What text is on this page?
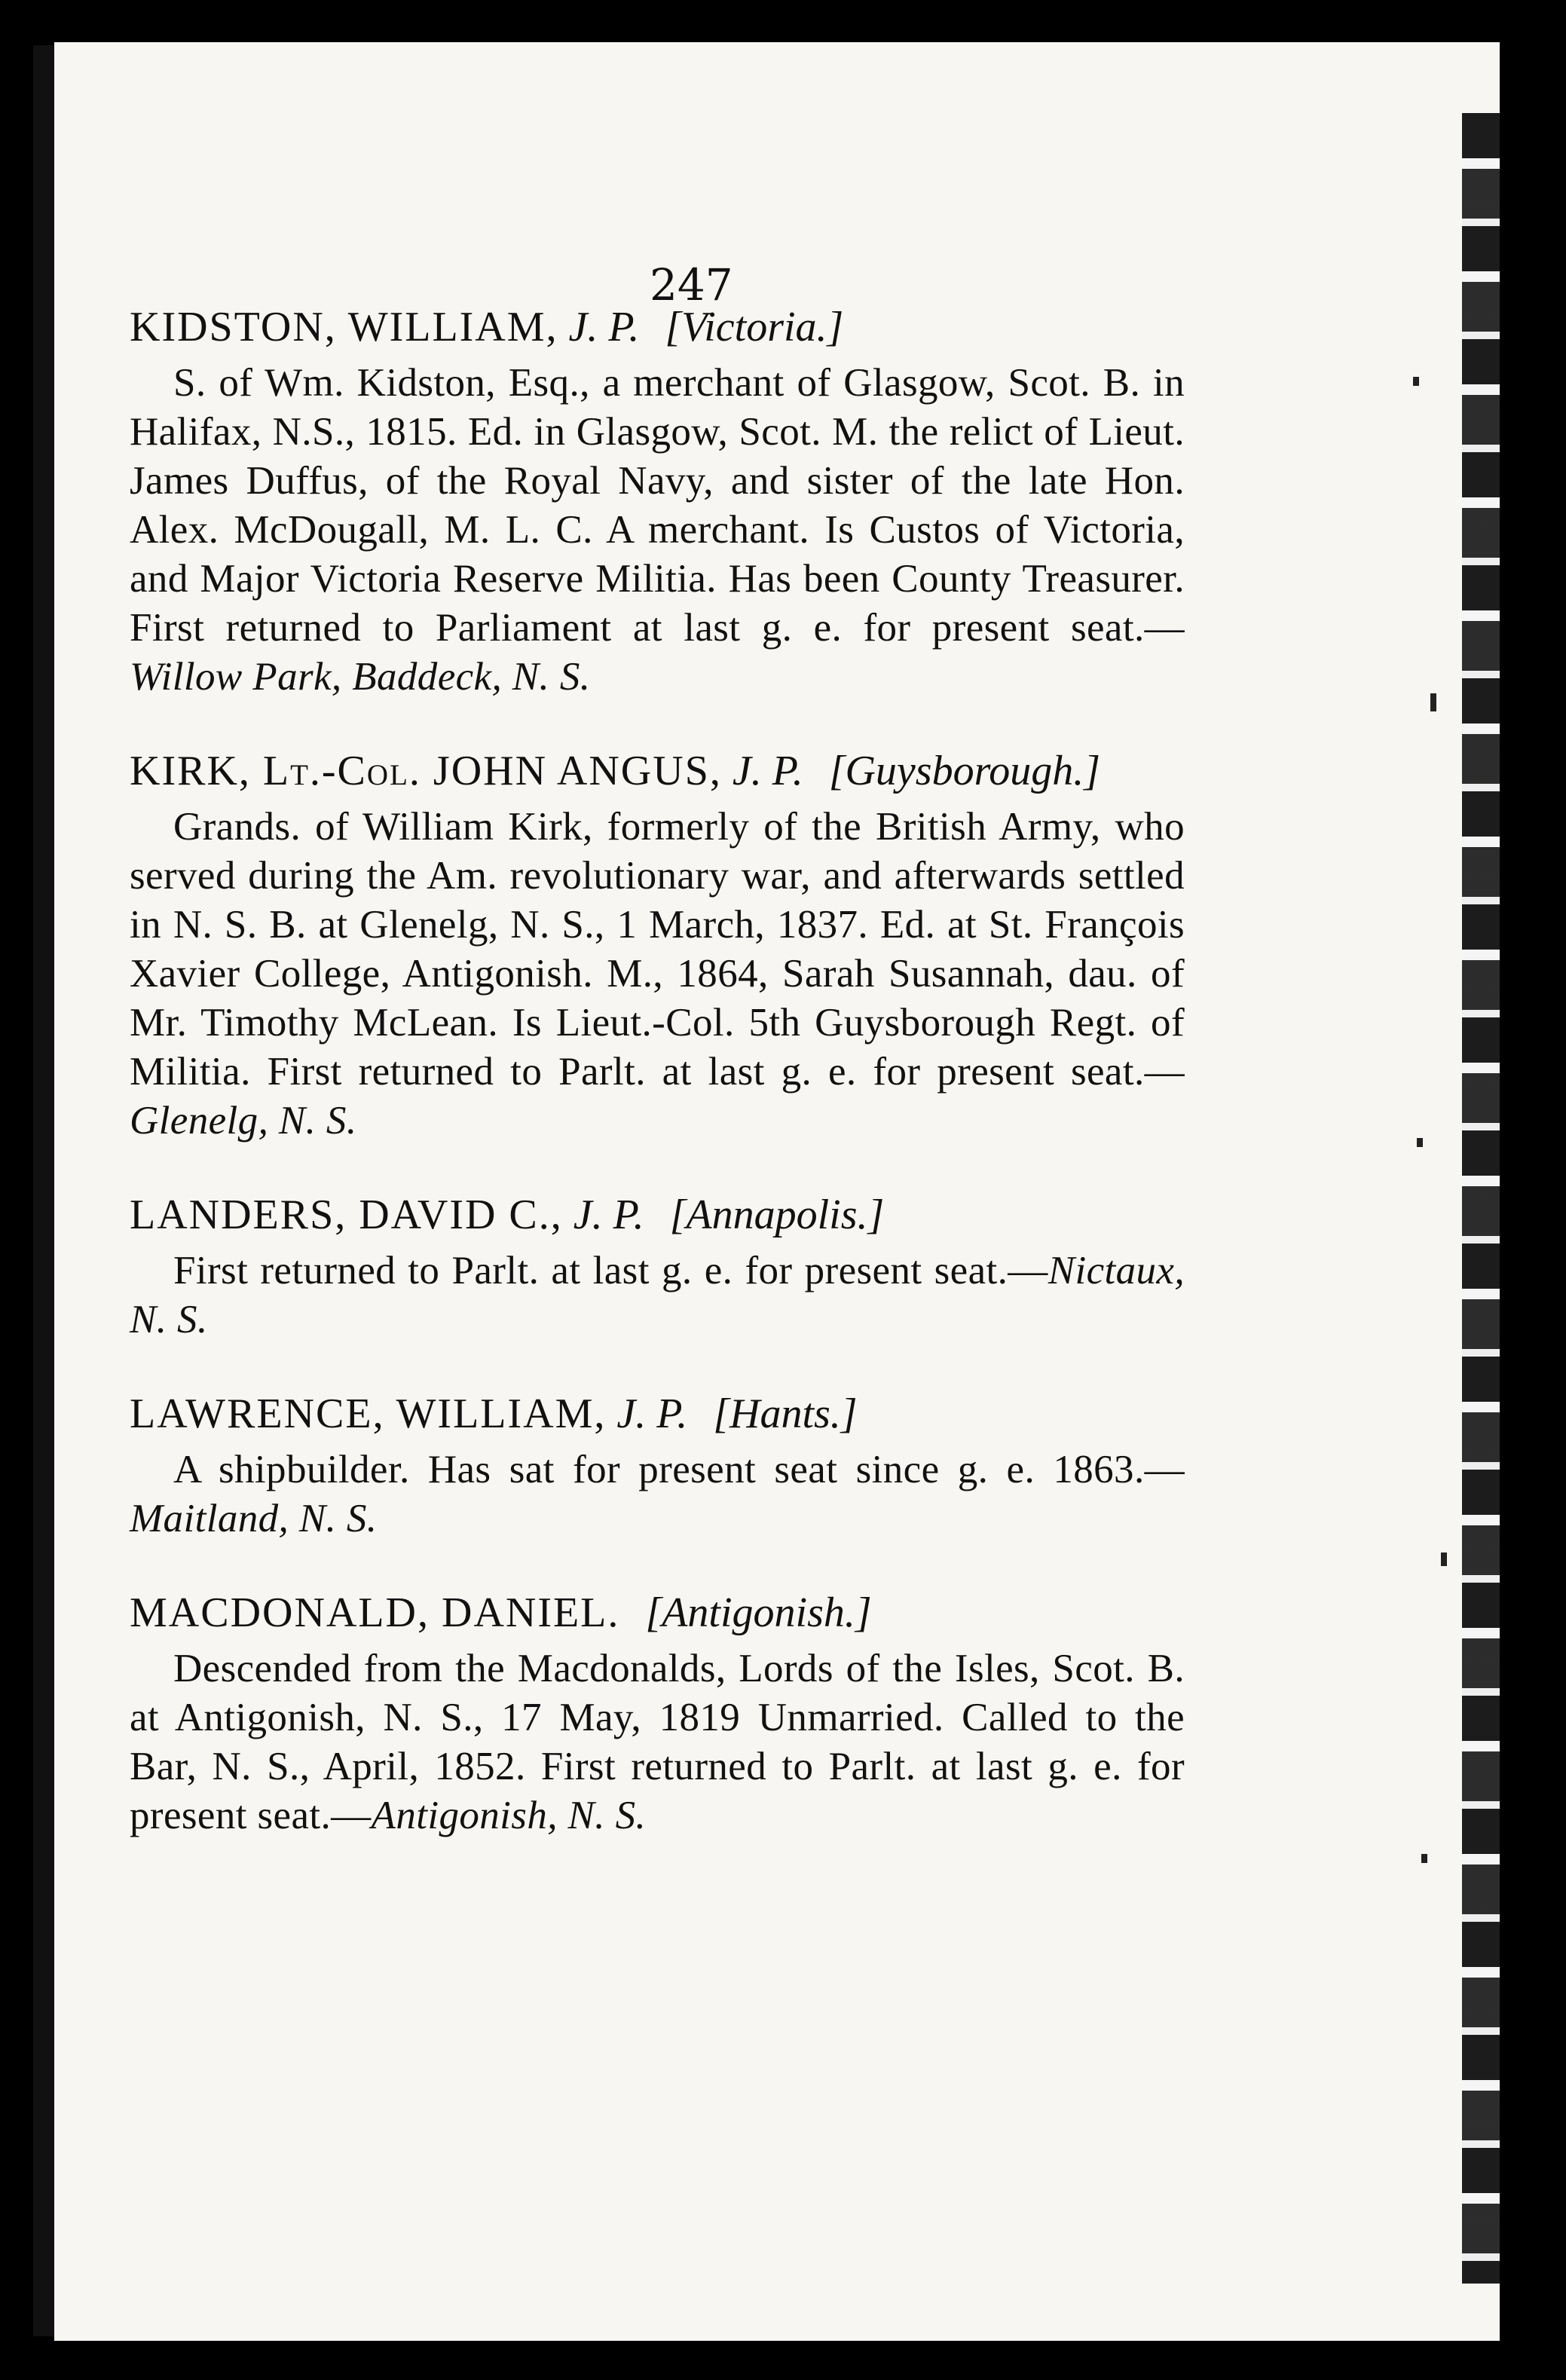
247
KIDSTON, WILLIAM, J. P. [Victoria.]
S. of Wm. Kidston, Esq., a merchant of Glasgow, Scot. B. in Halifax, N.S., 1815. Ed. in Glasgow, Scot. M. the relict of Lieut. James Duffus, of the Royal Navy, and sister of the late Hon. Alex. McDougall, M. L. C. A merchant. Is Custos of Victoria, and Major Victoria Reserve Militia. Has been County Treasurer. First returned to Parliament at last g. e. for present seat.—Willow Park, Baddeck, N. S.
KIRK, Lt.-Col. JOHN ANGUS, J. P. [Guysborough.]
Grands. of William Kirk, formerly of the British Army, who served during the Am. revolutionary war, and afterwards settled in N. S. B. at Glenelg, N. S., 1 March, 1837. Ed. at St. François Xavier College, Antigonish. M., 1864, Sarah Susannah, dau. of Mr. Timothy McLean. Is Lieut.-Col. 5th Guysborough Regt. of Militia. First returned to Parlt. at last g. e. for present seat.—Glenelg, N. S.
LANDERS, DAVID C., J. P. [Annapolis.]
First returned to Parlt. at last g. e. for present seat.—Nictaux, N. S.
LAWRENCE, WILLIAM, J. P. [Hants.]
A shipbuilder. Has sat for present seat since g. e. 1863.—Maitland, N. S.
MACDONALD, DANIEL. [Antigonish.]
Descended from the Macdonalds, Lords of the Isles, Scot. B. at Antigonish, N. S., 17 May, 1819 Unmarried. Called to the Bar, N. S., April, 1852. First returned to Parlt. at last g. e. for present seat.—Antigonish, N. S.
